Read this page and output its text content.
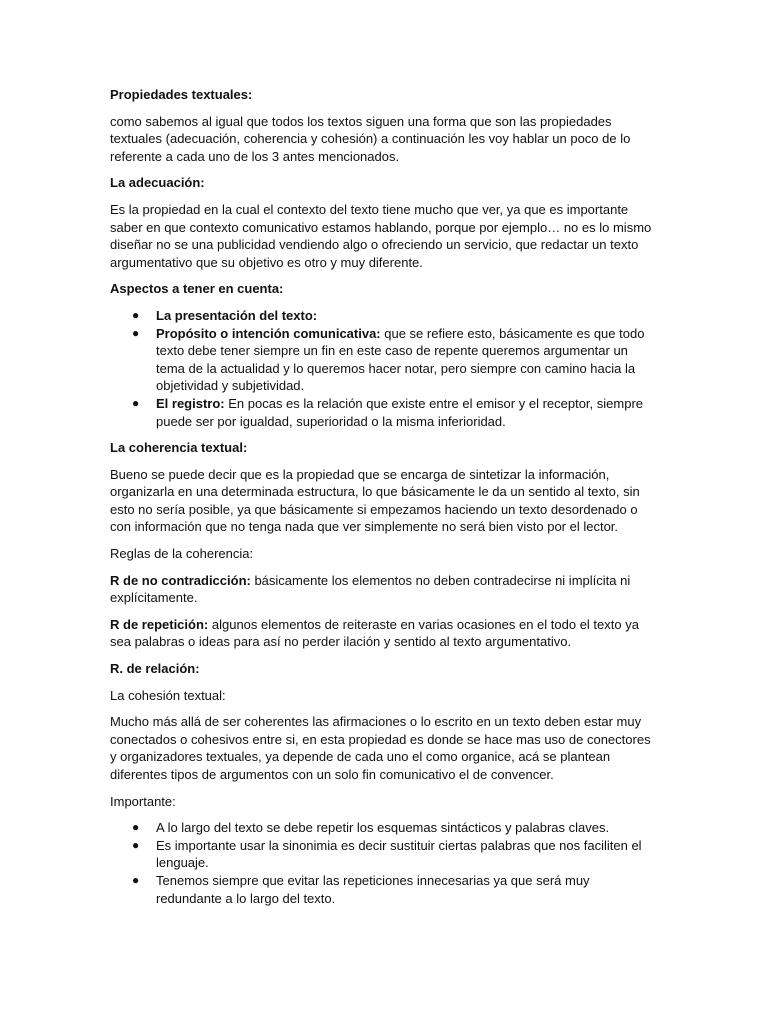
Propiedades textuales:

como sabemos al igual que todos los textos siguen una forma que son las propiedades textuales (adecuación, coherencia y cohesión) a continuación les voy hablar un poco de lo referente a cada uno de los 3 antes mencionados.

La adecuación:

Es la propiedad en la cual el contexto del texto tiene mucho que ver, ya que es importante saber en que contexto comunicativo estamos hablando, porque por ejemplo… no es lo mismo diseñar no se una publicidad vendiendo algo o ofreciendo un servicio, que redactar un texto argumentativo que su objetivo es otro y muy diferente.

Aspectos a tener en cuenta:

● La presentación del texto:
● Propósito o intención comunicativa: que se refiere esto, básicamente es que todo texto debe tener siempre un fin en este caso de repente queremos argumentar un tema de la actualidad y lo queremos hacer notar, pero siempre con camino hacia la objetividad y subjetividad.
● El registro: En pocas es la relación que existe entre el emisor y el receptor, siempre puede ser por igualdad, superioridad o la misma inferioridad.

La coherencia textual:

Bueno se puede decir que es la propiedad que se encarga de sintetizar la información, organizarla en una determinada estructura, lo que básicamente le da un sentido al texto, sin esto no sería posible, ya que básicamente si empezamos haciendo un texto desordenado o con información que no tenga nada que ver simplemente no será bien visto por el lector.

Reglas de la coherencia:

R de no contradicción: básicamente los elementos no deben contradecirse ni implícita ni explícitamente.

R de repetición: algunos elementos de reiteraste en varias ocasiones en el todo el texto ya sea palabras o ideas para así no perder ilación y sentido al texto argumentativo.

R. de relación:

La cohesión textual:

Mucho más allá de ser coherentes las afirmaciones o lo escrito en un texto deben estar muy conectados o cohesivos entre si, en esta propiedad es donde se hace mas uso de conectores y organizadores textuales, ya depende de cada uno el como organice, acá se plantean diferentes tipos de argumentos con un solo fin comunicativo el de convencer.

Importante:

● A lo largo del texto se debe repetir los esquemas sintácticos y palabras claves.
● Es importante usar la sinonimia es decir sustituir ciertas palabras que nos faciliten el lenguaje.
● Tenemos siempre que evitar las repeticiones innecesarias ya que será muy redundante a lo largo del texto.
